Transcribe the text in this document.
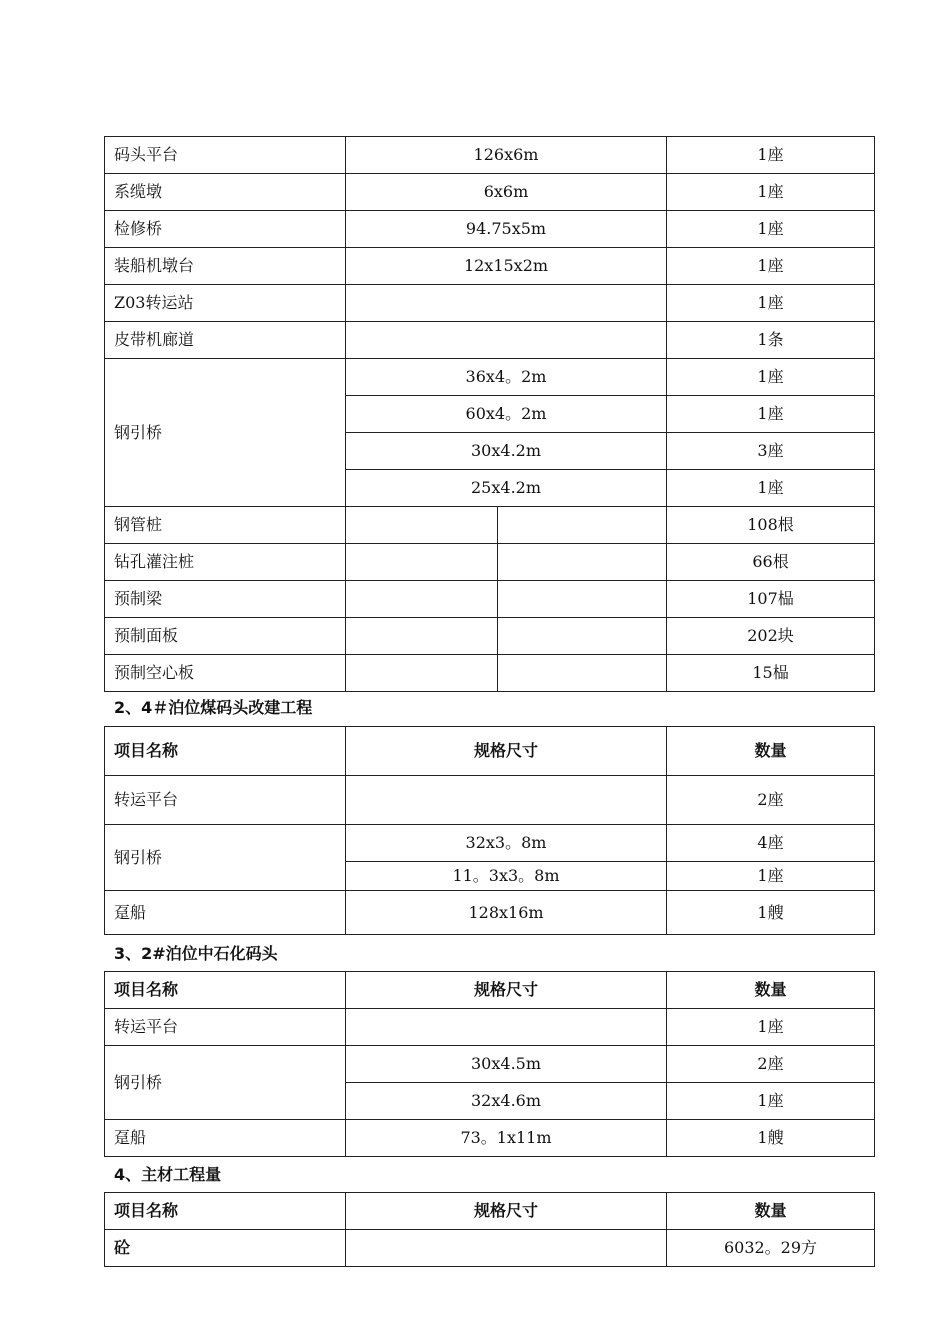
码头平台	126x6m		1座
系缆墩	6x6m		1座
检修桥	94.75x5m		1座
装船机墩台	12x15x2m		1座
Z03转运站			1座
皮带机廊道			1条
钢引桥	36x4。2m		1座
	60x4。2m		1座
	30x4.2m		3座
	25x4.2m		1座
钢管桩			108根
钻孔灌注桩			66根
预制梁			107榀
预制面板			202块
预制空心板			15榀
2、4＃泊位煤码头改建工程
项目名称	规格尺寸	数量
转运平台		2座
钢引桥	32x3。8m	4座
	11。3x3。8m	1座
趸船	128x16m	1艘
3、2#泊位中石化码头
项目名称	规格尺寸	数量
转运平台		1座
钢引桥	30x4.5m	2座
	32x4.6m	1座
趸船	73。1x11m	1艘
4、主材工程量
项目名称	规格尺寸	数量
砼		6032。29方
